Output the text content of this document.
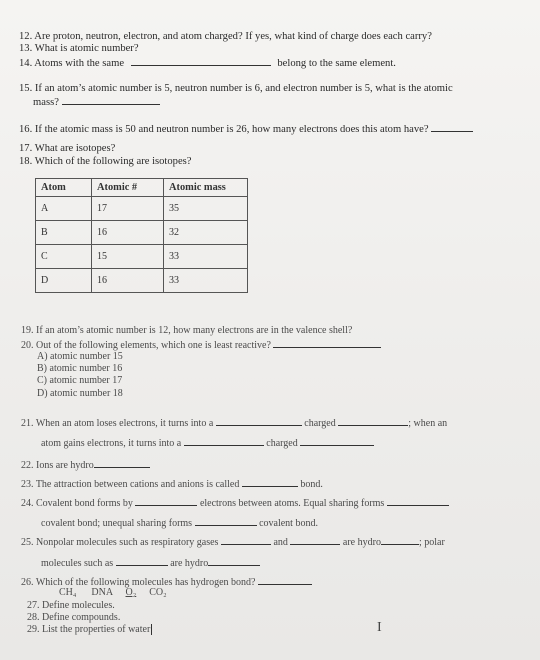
12. Are proton, neutron, electron, and atom charged? If yes, what kind of charge does each carry?
13. What is atomic number?
14. Atoms with the same	belong to the same element.
15. If an atom’s atomic number is 5, neutron number is 6, and electron number is 5, what is the atomic
mass?
16. If the atomic mass is 50 and neutron number is 26, how many electrons does this atom have?
17. What are isotopes?
18. Which of the following are isotopes?
Atom	Atomic #	Atomic mass
A	17	35
B	16	32
C	15	33
D	16	33
19. If an atom’s atomic number is 12, how many electrons are in the valence shell?
20. Out of the following elements, which one is least reactive?
A) atomic number 15
B) atomic number 16
C) atomic number 17
D) atomic number 18
21. When an atom loses electrons, it turns into a	charged	; when an
atom gains electrons, it turns into a	charged
22. Ions are hydro
23. The attraction between cations and anions is called	bond.
24. Covalent bond forms by	electrons between atoms. Equal sharing forms
covalent bond; unequal sharing forms	covalent bond.
25. Nonpolar molecules such as respiratory gases	and	are hydro	; polar
molecules such as	are hydro
26. Which of the following molecules has hydrogen bond?
CH₄ DNA O₂ CO₂
27. Define molecules.
28. Define compounds.
29. List the properties of water	I
